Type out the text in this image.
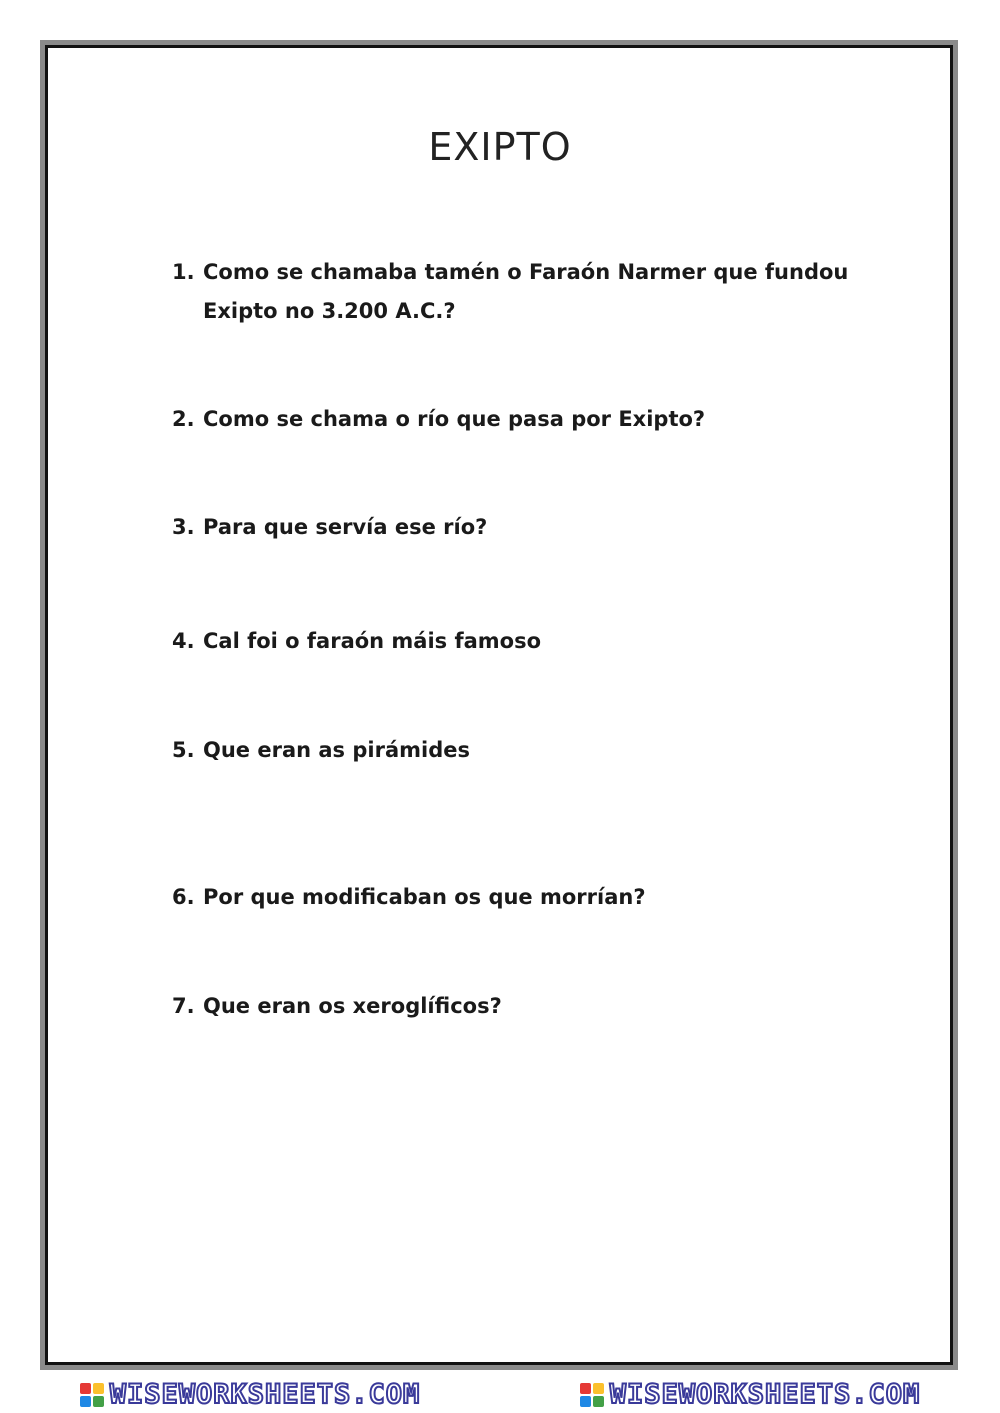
EXIPTO
1. Como se chamaba tamén o Faraón Narmer que fundou
Exipto no 3.200 A.C.?
2. Como se chama o río que pasa por Exipto?
3. Para que servía ese río?
4. Cal foi o faraón máis famoso
5. Que eran as pirámides
6. Por que modificaban os que morrían?
7. Que eran os xeroglíficos?
WISEWORKSHEETS.COM	WISEWORKSHEETS.COM
